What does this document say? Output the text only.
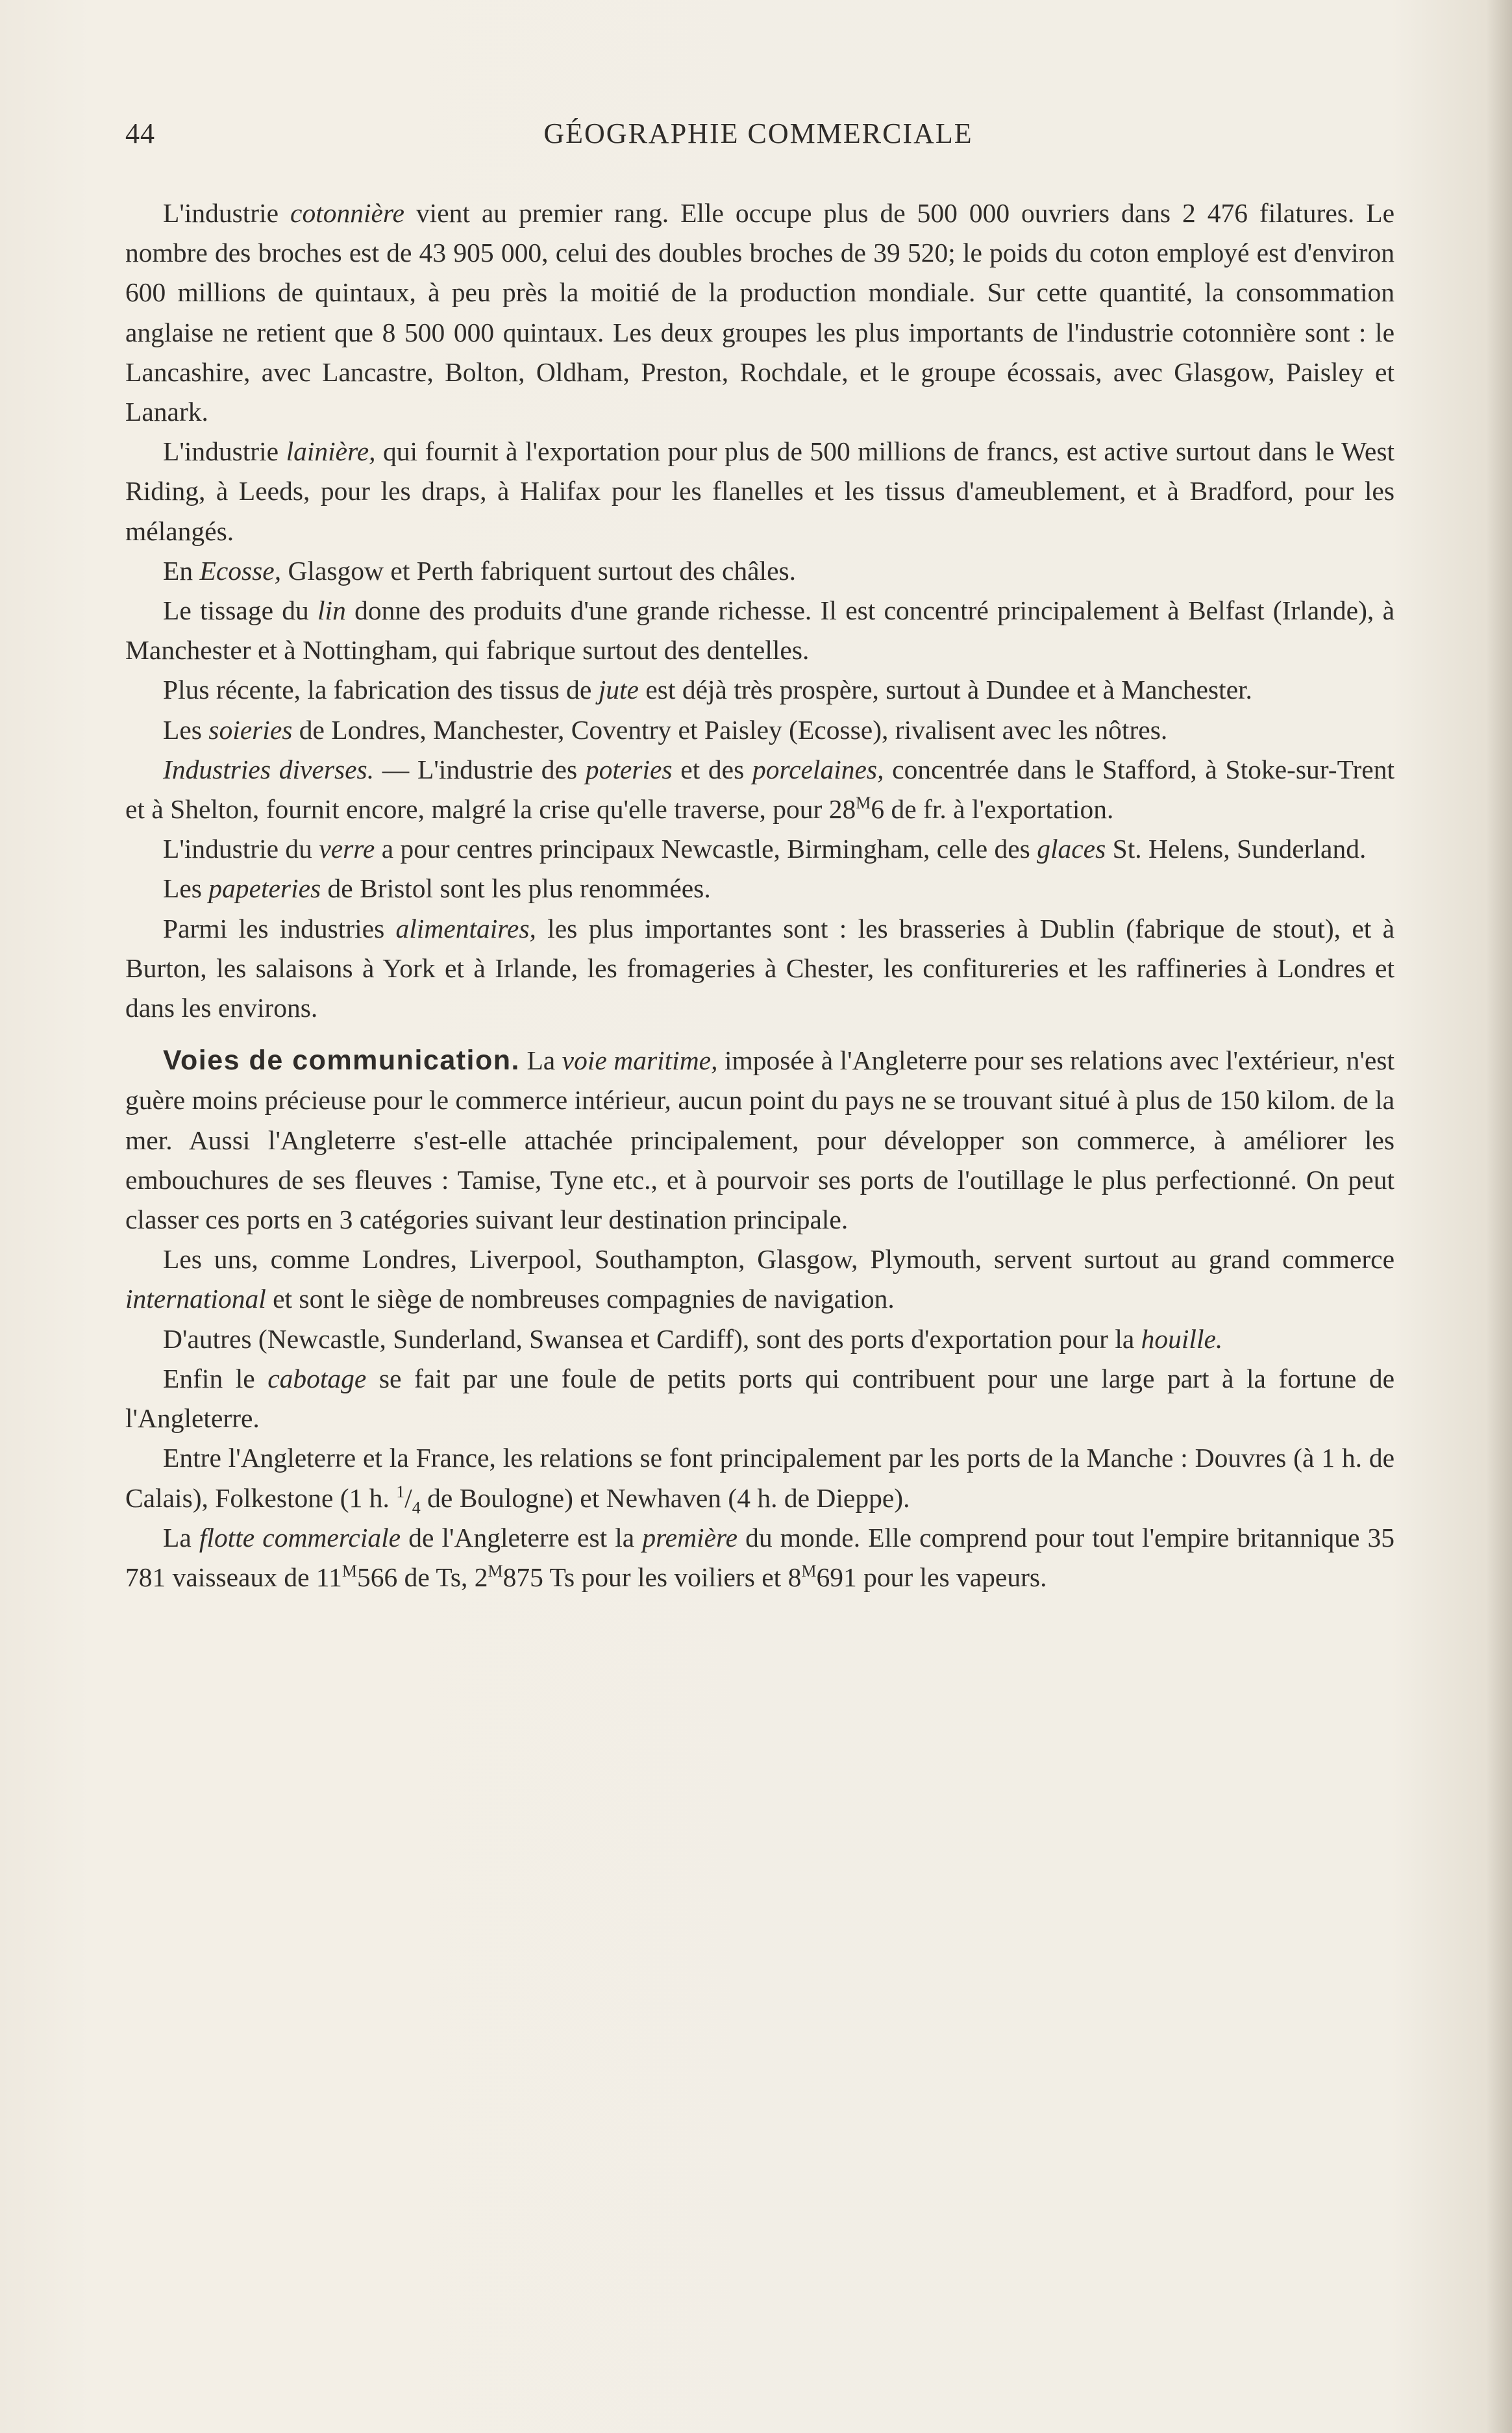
44	GÉOGRAPHIE COMMERCIALE

L'industrie cotonnière vient au premier rang. Elle occupe plus de 500 000 ouvriers dans 2 476 filatures. Le nombre des broches est de 43 905 000, celui des doubles broches de 39 520; le poids du coton employé est d'environ 600 millions de quintaux, à peu près la moitié de la production mondiale. Sur cette quantité, la consommation anglaise ne retient que 8 500 000 quintaux. Les deux groupes les plus importants de l'industrie cotonnière sont : le Lancashire, avec Lancastre, Bolton, Oldham, Preston, Rochdale, et le groupe écossais, avec Glasgow, Paisley et Lanark.

L'industrie lainière, qui fournit à l'exportation pour plus de 500 millions de francs, est active surtout dans le West Riding, à Leeds, pour les draps, à Halifax pour les flanelles et les tissus d'ameublement, et à Bradford, pour les mélangés.

En Ecosse, Glasgow et Perth fabriquent surtout des châles.

Le tissage du lin donne des produits d'une grande richesse. Il est concentré principalement à Belfast (Irlande), à Manchester et à Nottingham, qui fabrique surtout des dentelles.

Plus récente, la fabrication des tissus de jute est déjà très prospère, surtout à Dundee et à Manchester.

Les soieries de Londres, Manchester, Coventry et Paisley (Ecosse), rivalisent avec les nôtres.

Industries diverses. — L'industrie des poteries et des porcelaines, concentrée dans le Stafford, à Stoke-sur-Trent et à Shelton, fournit encore, malgré la crise qu'elle traverse, pour $28^M6$ de fr. à l'exportation.

L'industrie du verre a pour centres principaux Newcastle, Birmingham, celle des glaces St. Helens, Sunderland.

Les papeteries de Bristol sont les plus renommées.

Parmi les industries alimentaires, les plus importantes sont : les brasseries à Dublin (fabrique de stout), et à Burton, les salaisons à York et à Irlande, les fromageries à Chester, les confitureries et les raffineries à Londres et dans les environs.

Voies de communication. La voie maritime, imposée à l'Angleterre pour ses relations avec l'extérieur, n'est guère moins précieuse pour le commerce intérieur, aucun point du pays ne se trouvant situé à plus de 150 kilom. de la mer. Aussi l'Angleterre s'est-elle attachée principalement, pour développer son commerce, à améliorer les embouchures de ses fleuves : Tamise, Tyne etc., et à pourvoir ses ports de l'outillage le plus perfectionné. On peut classer ces ports en 3 catégories suivant leur destination principale.

Les uns, comme Londres, Liverpool, Southampton, Glasgow, Plymouth, servent surtout au grand commerce international et sont le siège de nombreuses compagnies de navigation.

D'autres (Newcastle, Sunderland, Swansea et Cardiff), sont des ports d'exportation pour la houille.

Enfin le cabotage se fait par une foule de petits ports qui contribuent pour une large part à la fortune de l'Angleterre.

Entre l'Angleterre et la France, les relations se font principalement par les ports de la Manche : Douvres (à 1 h. de Calais), Folkestone (1 h. $^1/_4$ de Boulogne) et Newhaven (4 h. de Dieppe).

La flotte commerciale de l'Angleterre est la première du monde. Elle comprend pour tout l'empire britannique 35 781 vaisseaux de $11^M566$ de Ts, $2^M875$ Ts pour les voiliers et $8^M691$ pour les vapeurs.
